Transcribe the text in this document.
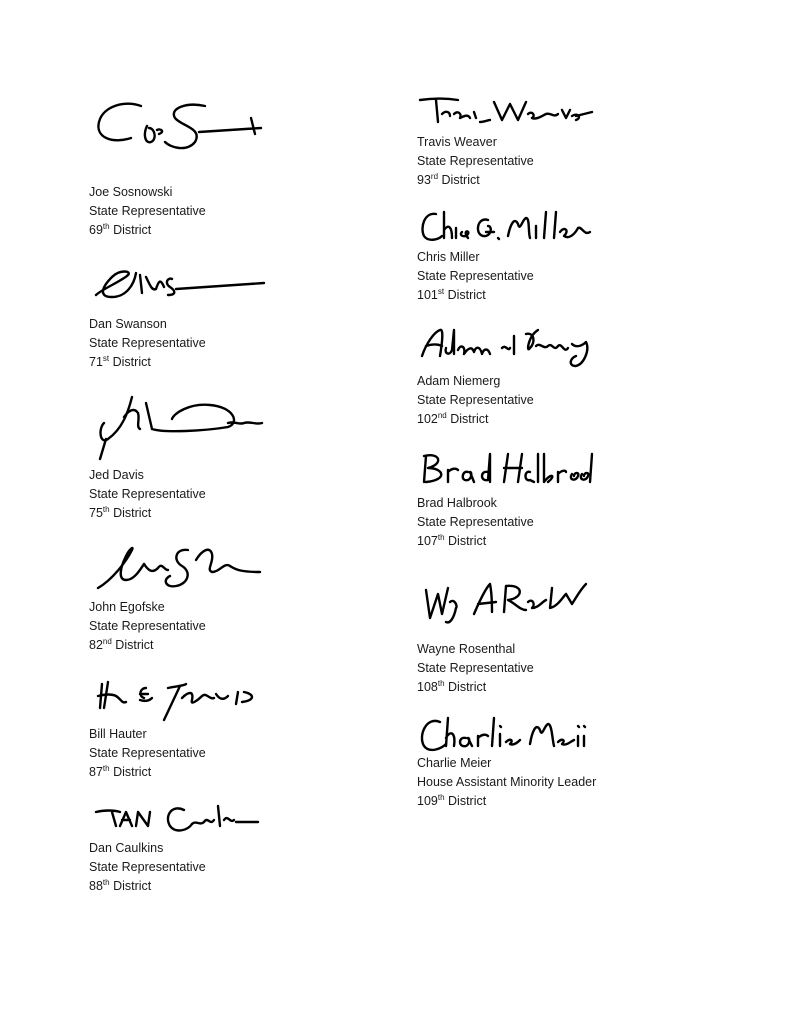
Joe Sosnowski
State Representative
69th District
Dan Swanson
State Representative
71st District
Jed Davis
State Representative
75th District
John Egofske
State Representative
82nd District
Bill Hauter
State Representative
87th District
Dan Caulkins
State Representative
88th District
Travis Weaver
State Representative
93rd District
Chris Miller
State Representative
101st District
Adam Niemerg
State Representative
102nd District
Brad Halbrook
State Representative
107th District
Wayne Rosenthal
State Representative
108th District
Charlie Meier
House Assistant Minority Leader
109th District
